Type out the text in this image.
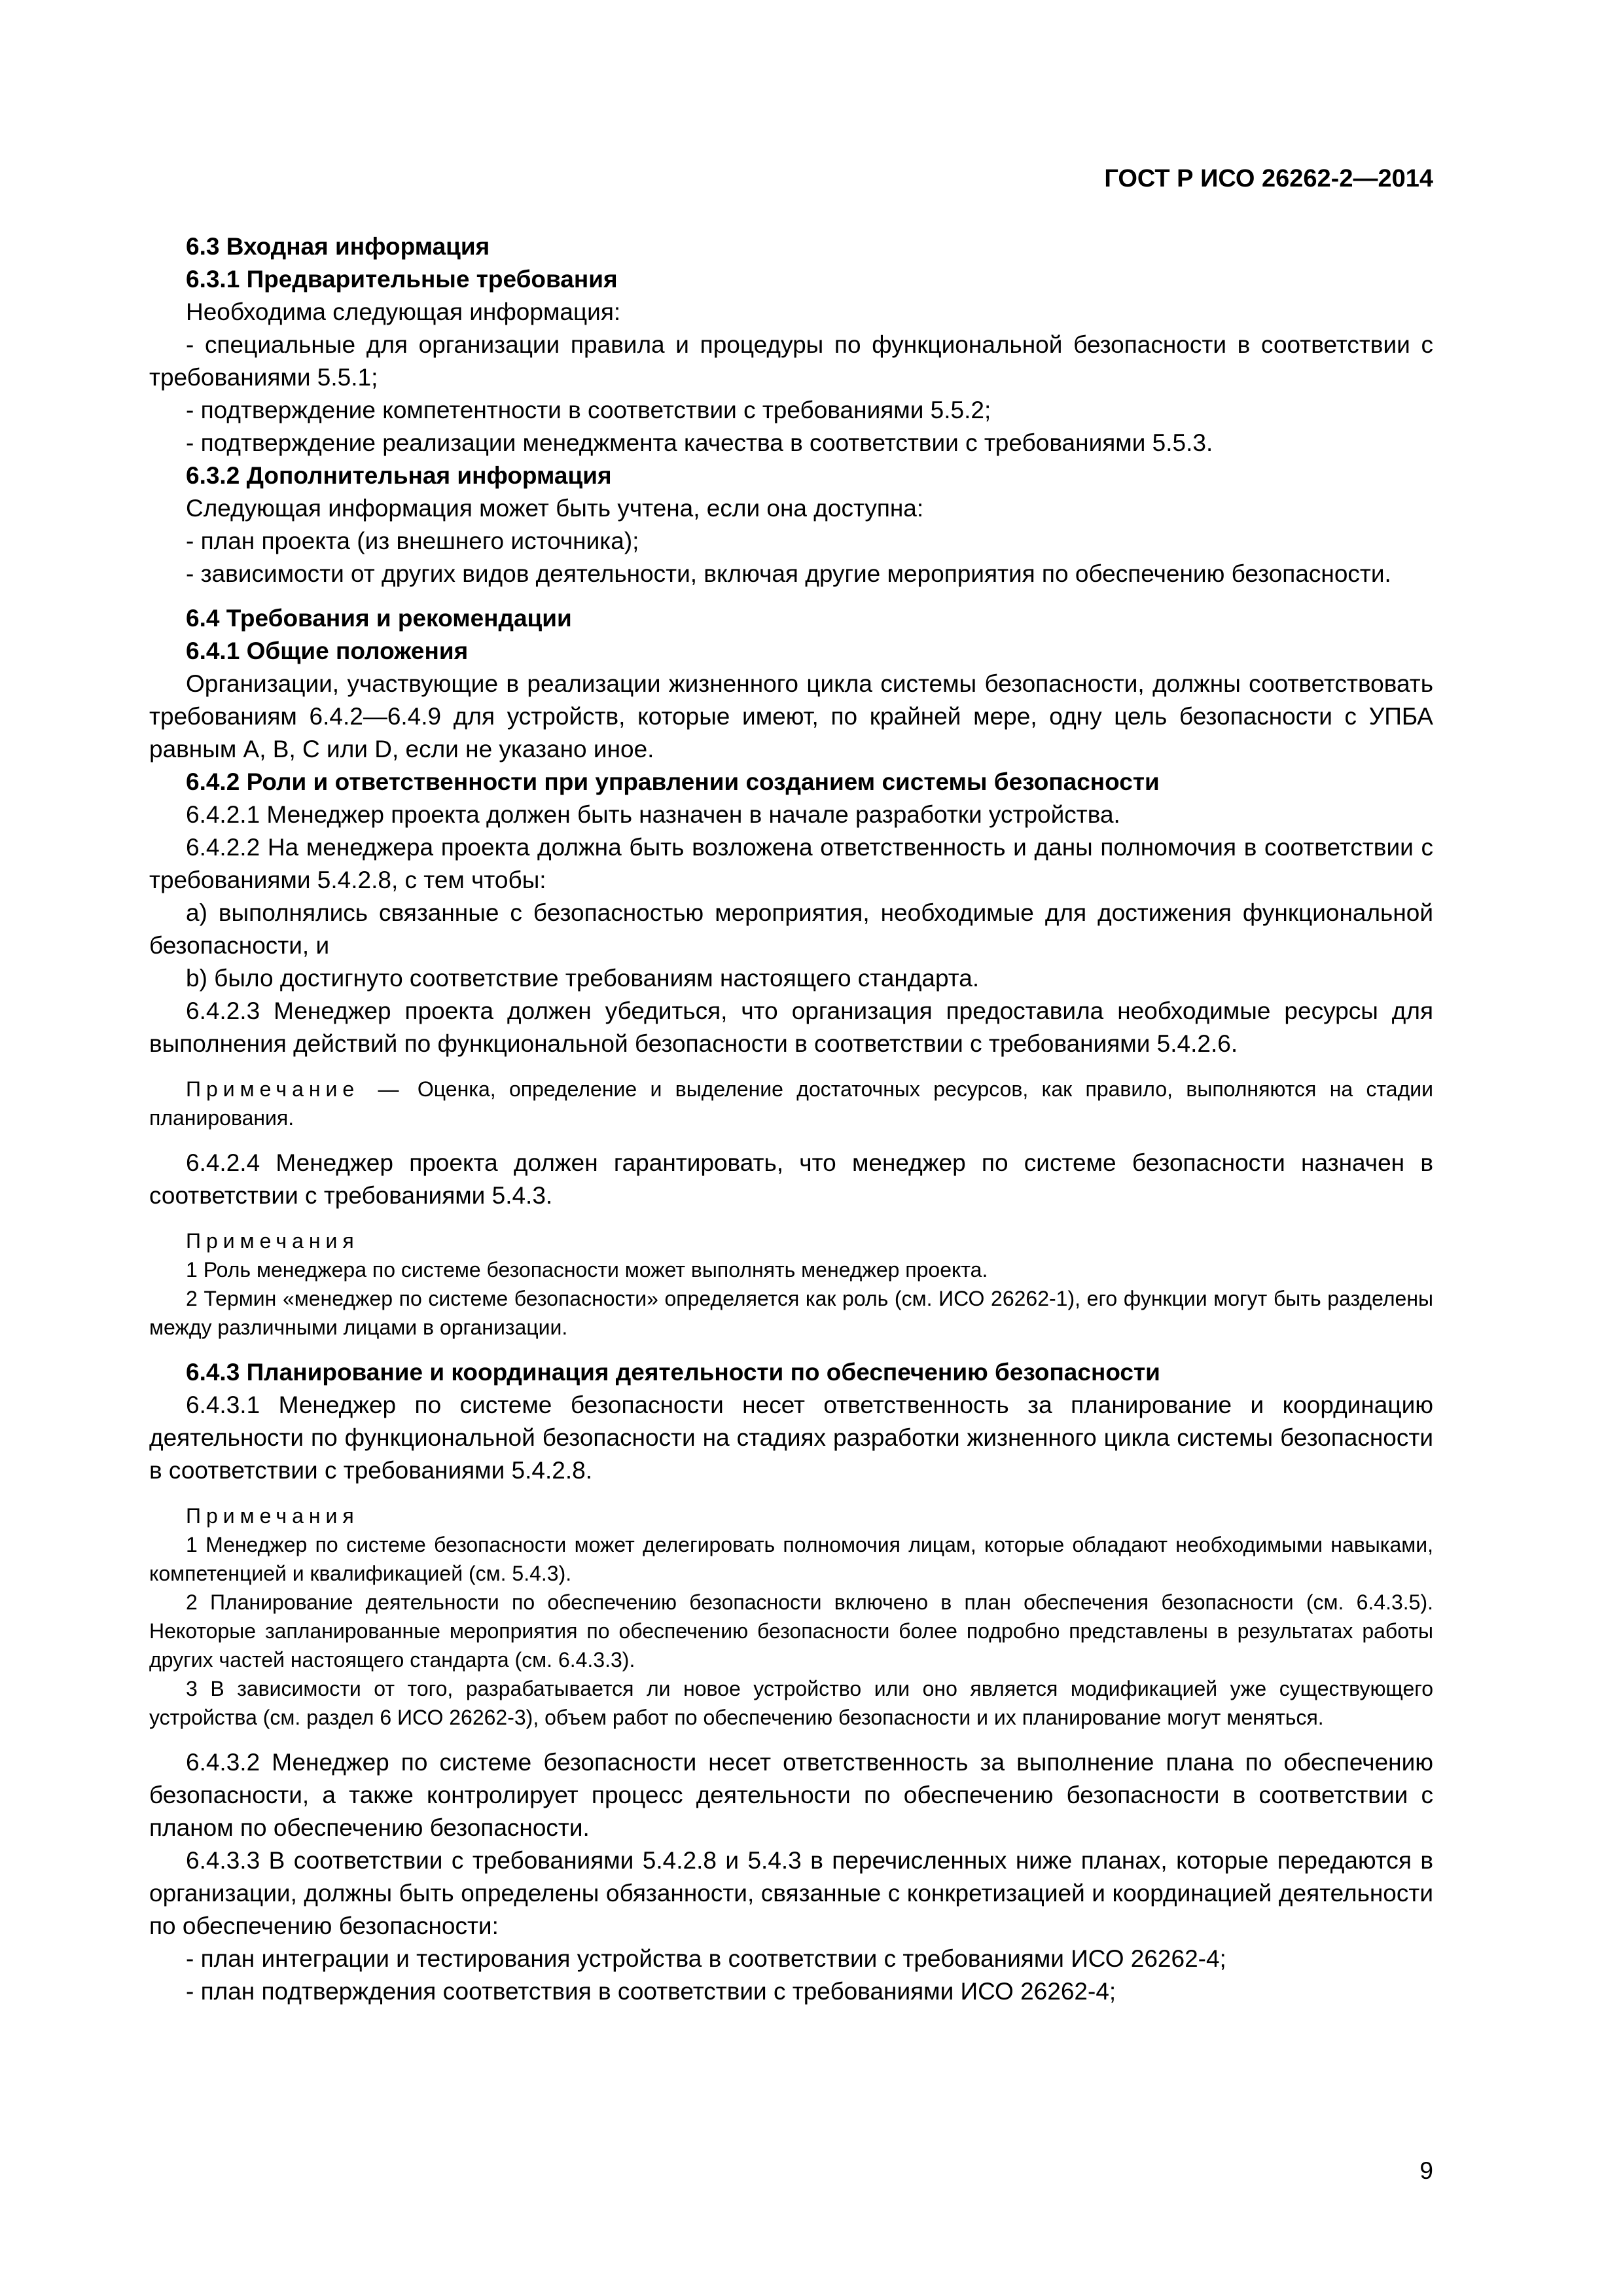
ГОСТ Р ИСО 26262-2—2014

6.3 Входная информация

6.3.1 Предварительные требования

Необходима следующая информация:

- специальные для организации правила и процедуры по функциональной безопасности в соответствии с требованиями 5.5.1;

- подтверждение компетентности в соответствии с требованиями 5.5.2;

- подтверждение реализации менеджмента качества в соответствии с требованиями 5.5.3.

6.3.2 Дополнительная информация

Следующая информация может быть учтена, если она доступна:

- план проекта (из внешнего источника);

- зависимости от других видов деятельности, включая другие мероприятия по обеспечению безопасности.

6.4 Требования и рекомендации

6.4.1 Общие положения

Организации, участвующие в реализации жизненного цикла системы безопасности, должны соответствовать требованиям 6.4.2—6.4.9 для устройств, которые имеют, по крайней мере, одну цель безопасности с УПБА равным А, В, С или D, если не указано иное.

6.4.2 Роли и ответственности при управлении созданием системы безопасности

6.4.2.1 Менеджер проекта должен быть назначен в начале разработки устройства.

6.4.2.2 На менеджера проекта должна быть возложена ответственность и даны полномочия в соответствии с требованиями 5.4.2.8, с тем чтобы:

a) выполнялись связанные с безопасностью мероприятия, необходимые для достижения функциональной безопасности, и

b) было достигнуто соответствие требованиям настоящего стандарта.

6.4.2.3 Менеджер проекта должен убедиться, что организация предоставила необходимые ресурсы для выполнения действий по функциональной безопасности в соответствии с требованиями 5.4.2.6.

Примечание — Оценка, определение и выделение достаточных ресурсов, как правило, выполняются на стадии планирования.

6.4.2.4 Менеджер проекта должен гарантировать, что менеджер по системе безопасности назначен в соответствии с требованиями 5.4.3.

Примечания

1 Роль менеджера по системе безопасности может выполнять менеджер проекта.

2 Термин «менеджер по системе безопасности» определяется как роль (см. ИСО 26262-1), его функции могут быть разделены между различными лицами в организации.

6.4.3 Планирование и координация деятельности по обеспечению безопасности

6.4.3.1 Менеджер по системе безопасности несет ответственность за планирование и координацию деятельности по функциональной безопасности на стадиях разработки жизненного цикла системы безопасности в соответствии с требованиями 5.4.2.8.

Примечания

1 Менеджер по системе безопасности может делегировать полномочия лицам, которые обладают необходимыми навыками, компетенцией и квалификацией (см. 5.4.3).

2 Планирование деятельности по обеспечению безопасности включено в план обеспечения безопасности (см. 6.4.3.5). Некоторые запланированные мероприятия по обеспечению безопасности более подробно представлены в результатах работы других частей настоящего стандарта (см. 6.4.3.3).

3 В зависимости от того, разрабатывается ли новое устройство или оно является модификацией уже существующего устройства (см. раздел 6 ИСО 26262-3), объем работ по обеспечению безопасности и их планирование могут меняться.

6.4.3.2 Менеджер по системе безопасности несет ответственность за выполнение плана по обеспечению безопасности, а также контролирует процесс деятельности по обеспечению безопасности в соответствии с планом по обеспечению безопасности.

6.4.3.3 В соответствии с требованиями 5.4.2.8 и 5.4.3 в перечисленных ниже планах, которые передаются в организации, должны быть определены обязанности, связанные с конкретизацией и координацией деятельности по обеспечению безопасности:

- план интеграции и тестирования устройства в соответствии с требованиями ИСО 26262-4;

- план подтверждения соответствия в соответствии с требованиями ИСО 26262-4;

9
